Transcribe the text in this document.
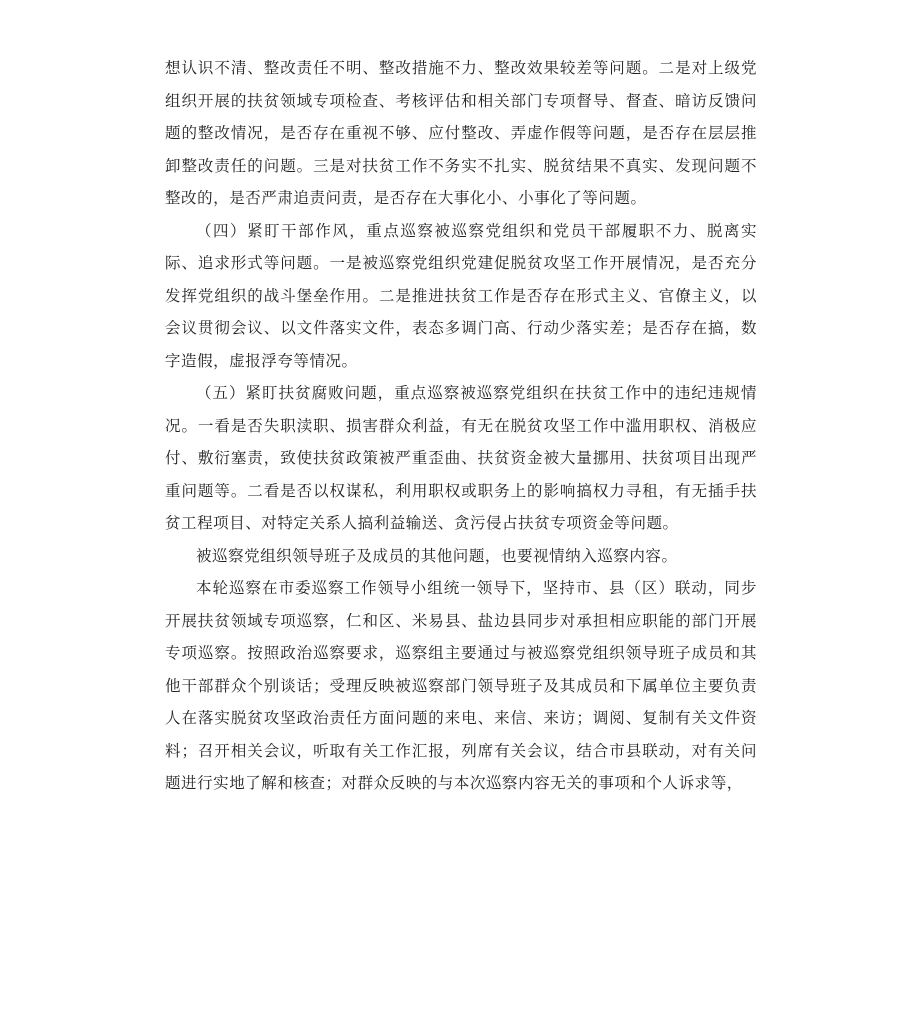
想认识不清、整改责任不明、整改措施不力、整改效果较差等问题。二是对上级党组织开展的扶贫领域专项检查、考核评估和相关部门专项督导、督查、暗访反馈问题的整改情况，是否存在重视不够、应付整改、弄虚作假等问题，是否存在层层推卸整改责任的问题。三是对扶贫工作不务实不扎实、脱贫结果不真实、发现问题不整改的，是否严肃追责问责，是否存在大事化小、小事化了等问题。

（四）紧盯干部作风，重点巡察被巡察党组织和党员干部履职不力、脱离实际、追求形式等问题。一是被巡察党组织党建促脱贫攻坚工作开展情况，是否充分发挥党组织的战斗堡垒作用。二是推进扶贫工作是否存在形式主义、官僚主义，以会议贯彻会议、以文件落实文件，表态多调门高、行动少落实差；是否存在搞，数字造假，虚报浮夸等情况。

（五）紧盯扶贫腐败问题，重点巡察被巡察党组织在扶贫工作中的违纪违规情况。一看是否失职渎职、损害群众利益，有无在脱贫攻坚工作中滥用职权、消极应付、敷衍塞责，致使扶贫政策被严重歪曲、扶贫资金被大量挪用、扶贫项目出现严重问题等。二看是否以权谋私，利用职权或职务上的影响搞权力寻租，有无插手扶贫工程项目、对特定关系人搞利益输送、贪污侵占扶贫专项资金等问题。

被巡察党组织领导班子及成员的其他问题，也要视情纳入巡察内容。

本轮巡察在市委巡察工作领导小组统一领导下，坚持市、县（区）联动，同步开展扶贫领域专项巡察，仁和区、米易县、盐边县同步对承担相应职能的部门开展专项巡察。按照政治巡察要求，巡察组主要通过与被巡察党组织领导班子成员和其他干部群众个别谈话；受理反映被巡察部门领导班子及其成员和下属单位主要负责人在落实脱贫攻坚政治责任方面问题的来电、来信、来访；调阅、复制有关文件资料；召开相关会议，听取有关工作汇报，列席有关会议，结合市县联动，对有关问题进行实地了解和核查；对群众反映的与本次巡察内容无关的事项和个人诉求等，
